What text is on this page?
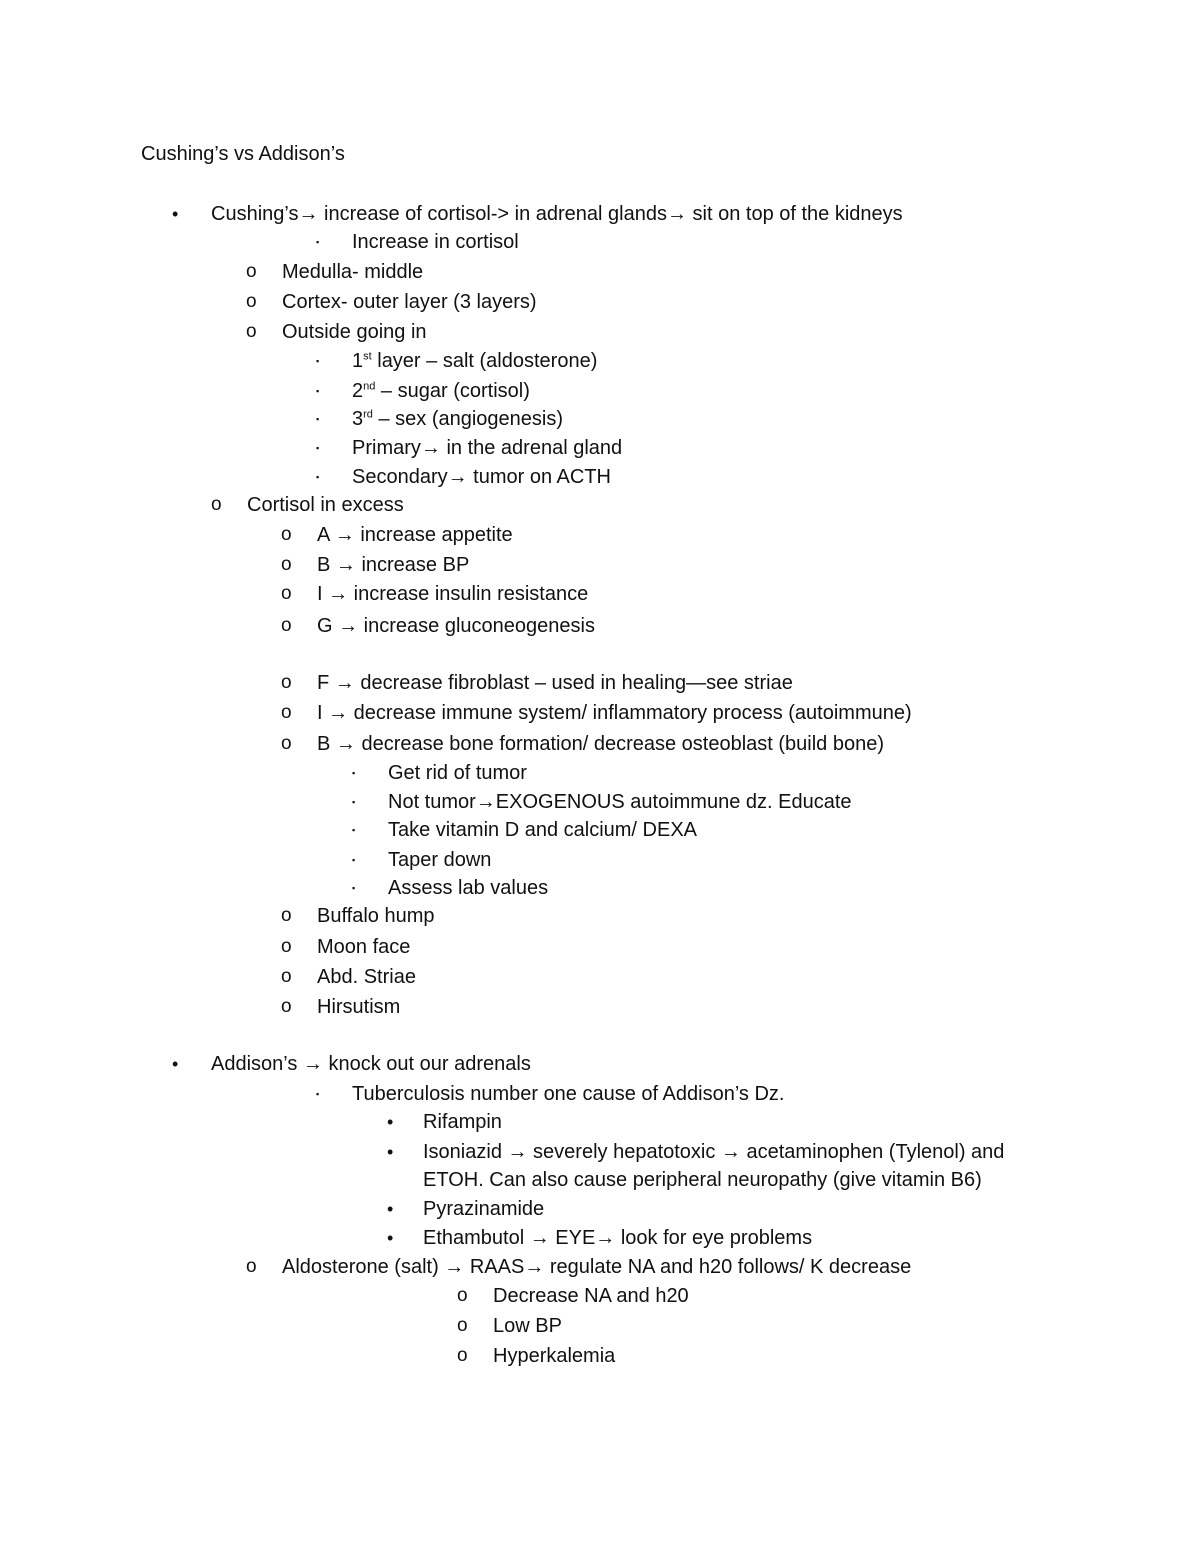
Cushing’s vs Addison’s
• Cushing’s→ increase of cortisol-> in adrenal glands→ sit on top of the kidneys
▪ Increase in cortisol
o Medulla- middle
o Cortex- outer layer (3 layers)
o Outside going in
▪ 1st layer – salt (aldosterone)
▪ 2nd – sugar (cortisol)
▪ 3rd – sex (angiogenesis)
▪ Primary→ in the adrenal gland
▪ Secondary→ tumor on ACTH
o Cortisol in excess
o A → increase appetite
o B → increase BP
o I → increase insulin resistance
o G → increase gluconeogenesis
o F → decrease fibroblast – used in healing—see striae
o I → decrease immune system/ inflammatory process (autoimmune)
o B → decrease bone formation/ decrease osteoblast (build bone)
▪ Get rid of tumor
▪ Not tumor→EXOGENOUS autoimmune dz. Educate
▪ Take vitamin D and calcium/ DEXA
▪ Taper down
▪ Assess lab values
o Buffalo hump
o Moon face
o Abd. Striae
o Hirsutism
• Addison’s → knock out our adrenals
▪ Tuberculosis number one cause of Addison’s Dz.
• Rifampin
• Isoniazid → severely hepatotoxic → acetaminophen (Tylenol) and
ETOH. Can also cause peripheral neuropathy (give vitamin B6)
• Pyrazinamide
• Ethambutol → EYE→ look for eye problems
o Aldosterone (salt) → RAAS→ regulate NA and h20 follows/ K decrease
o Decrease NA and h20
o Low BP
o Hyperkalemia
